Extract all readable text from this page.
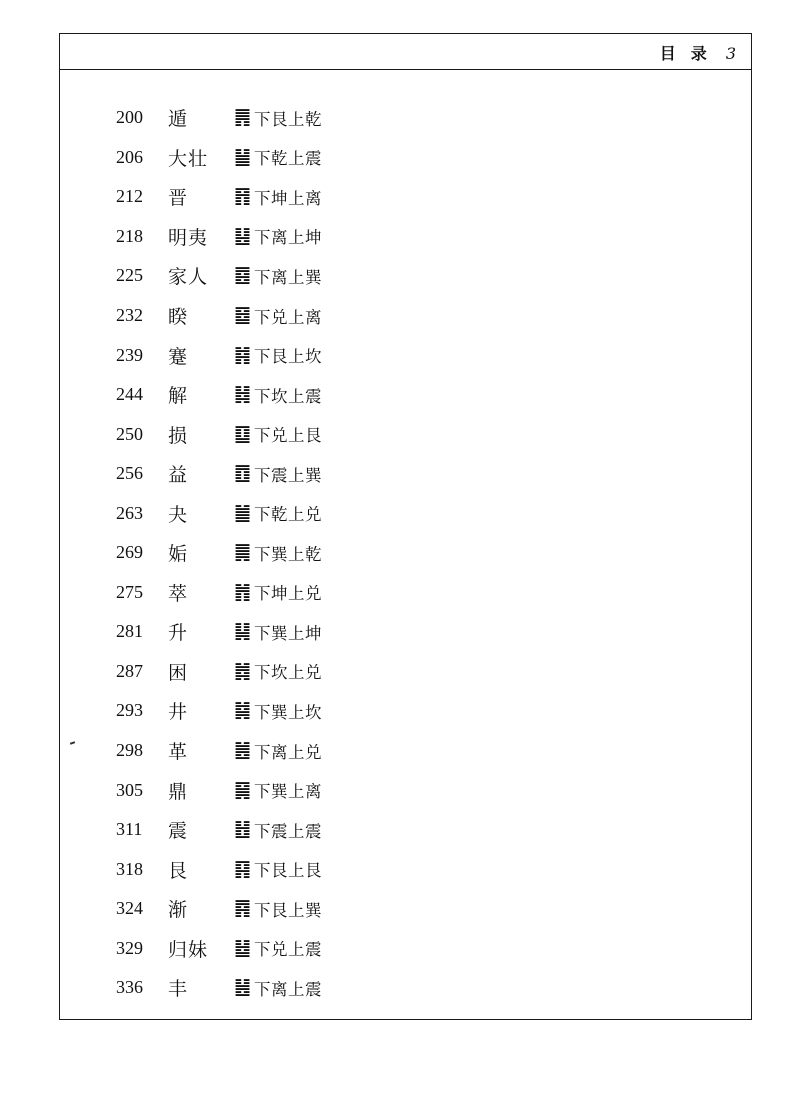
目 录 3
200	遁	䷠ 下艮上乾
206	大壮	䷡ 下乾上震
212	晋	䷢ 下坤上离
218	明夷	䷣ 下离上坤
225	家人	䷤ 下离上巽
232	睽	䷥ 下兑上离
239	蹇	䷦ 下艮上坎
244	解	䷧ 下坎上震
250	损	䷨ 下兑上艮
256	益	䷩ 下震上巽
263	夬	䷪ 下乾上兑
269	姤	䷫ 下巽上乾
275	萃	䷬ 下坤上兑
281	升	䷭ 下巽上坤
287	困	䷮ 下坎上兑
293	井	䷯ 下巽上坎
298	革	䷰ 下离上兑
305	鼎	䷱ 下巽上离
311	震	䷲ 下震上震
318	艮	䷳ 下艮上艮
324	渐	䷴ 下艮上巽
329	归妹	䷵ 下兑上震
336	丰	䷶ 下离上震
